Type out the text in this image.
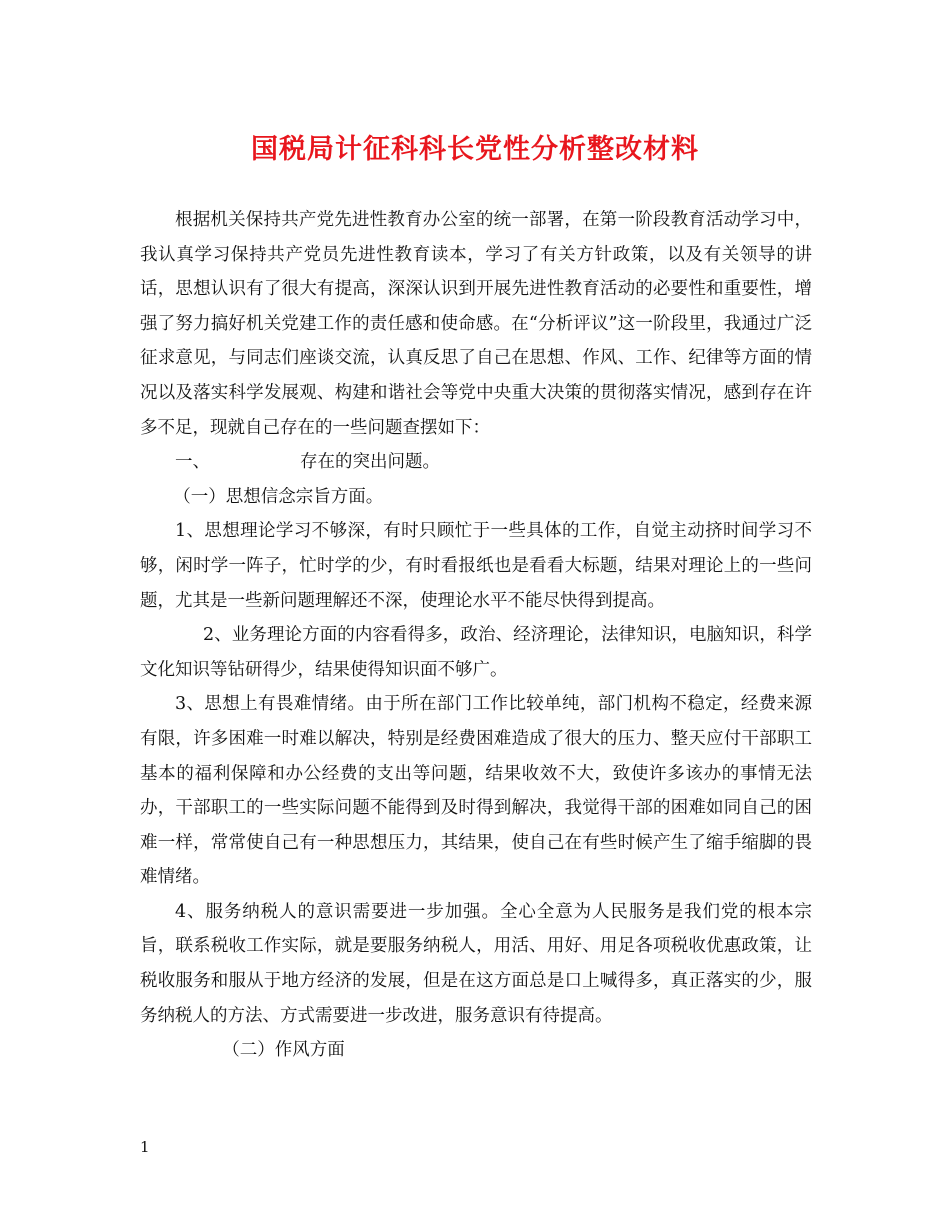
国税局计征科科长党性分析整改材料

根据机关保持共产党先进性教育办公室的统一部署，在第一阶段教育活动学习中，我认真学习保持共产党员先进性教育读本，学习了有关方针政策，以及有关领导的讲话，思想认识有了很大有提高，深深认识到开展先进性教育活动的必要性和重要性，增强了努力搞好机关党建工作的责任感和使命感。在“分析评议”这一阶段里，我通过广泛征求意见，与同志们座谈交流，认真反思了自己在思想、作风、工作、纪律等方面的情况以及落实科学发展观、构建和谐社会等党中央重大决策的贯彻落实情况，感到存在许多不足，现就自己存在的一些问题查摆如下：

一、	存在的突出问题。

（一）思想信念宗旨方面。

1、思想理论学习不够深，有时只顾忙于一些具体的工作，自觉主动挤时间学习不够，闲时学一阵子，忙时学的少，有时看报纸也是看看大标题，结果对理论上的一些问题，尤其是一些新问题理解还不深，使理论水平不能尽快得到提高。

2、业务理论方面的内容看得多，政治、经济理论，法律知识，电脑知识，科学文化知识等钻研得少，结果使得知识面不够广。

3、思想上有畏难情绪。由于所在部门工作比较单纯，部门机构不稳定，经费来源有限，许多困难一时难以解决，特别是经费困难造成了很大的压力、整天应付干部职工基本的福利保障和办公经费的支出等问题，结果收效不大，致使许多该办的事情无法办，干部职工的一些实际问题不能得到及时得到解决，我觉得干部的困难如同自己的困难一样，常常使自己有一种思想压力，其结果，使自己在有些时候产生了缩手缩脚的畏难情绪。

4、服务纳税人的意识需要进一步加强。全心全意为人民服务是我们党的根本宗旨，联系税收工作实际，就是要服务纳税人，用活、用好、用足各项税收优惠政策，让税收服务和服从于地方经济的发展，但是在这方面总是口上喊得多，真正落实的少，服务纳税人的方法、方式需要进一步改进，服务意识有待提高。

（二）作风方面

1
